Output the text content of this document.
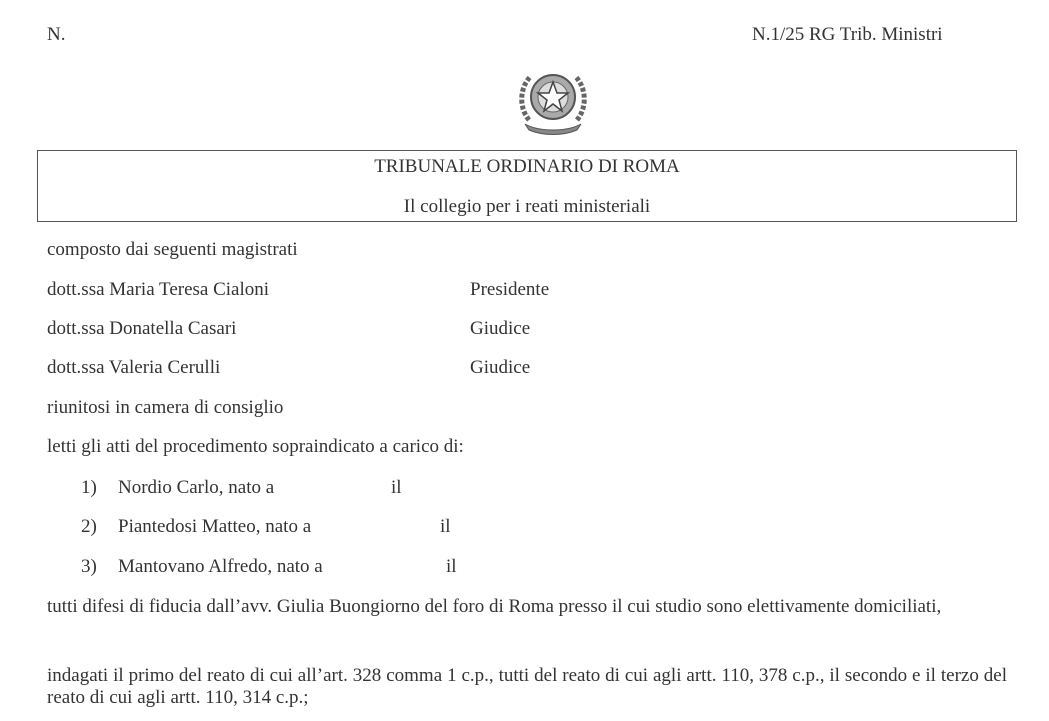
N.	N.1/25 RG Trib. Ministri
TRIBUNALE ORDINARIO DI ROMA
Il collegio per i reati ministeriali
composto dai seguenti magistrati
dott.ssa Maria Teresa Cialoni	Presidente
dott.ssa Donatella Casari	Giudice
dott.ssa Valeria Cerulli	Giudice
riunitosi in camera di consiglio
letti gli atti del procedimento sopraindicato a carico di:
1) Nordio Carlo, nato a	il
2) Piantedosi Matteo, nato a	il
3) Mantovano Alfredo, nato a	il
tutti difesi di fiducia dall’avv. Giulia Buongiorno del foro di Roma presso il cui studio sono elettivamente domiciliati,
indagati il primo del reato di cui all’art. 328 comma 1 c.p., tutti del reato di cui agli artt. 110, 378 c.p., il secondo e il terzo del reato di cui agli artt. 110, 314 c.p.;
